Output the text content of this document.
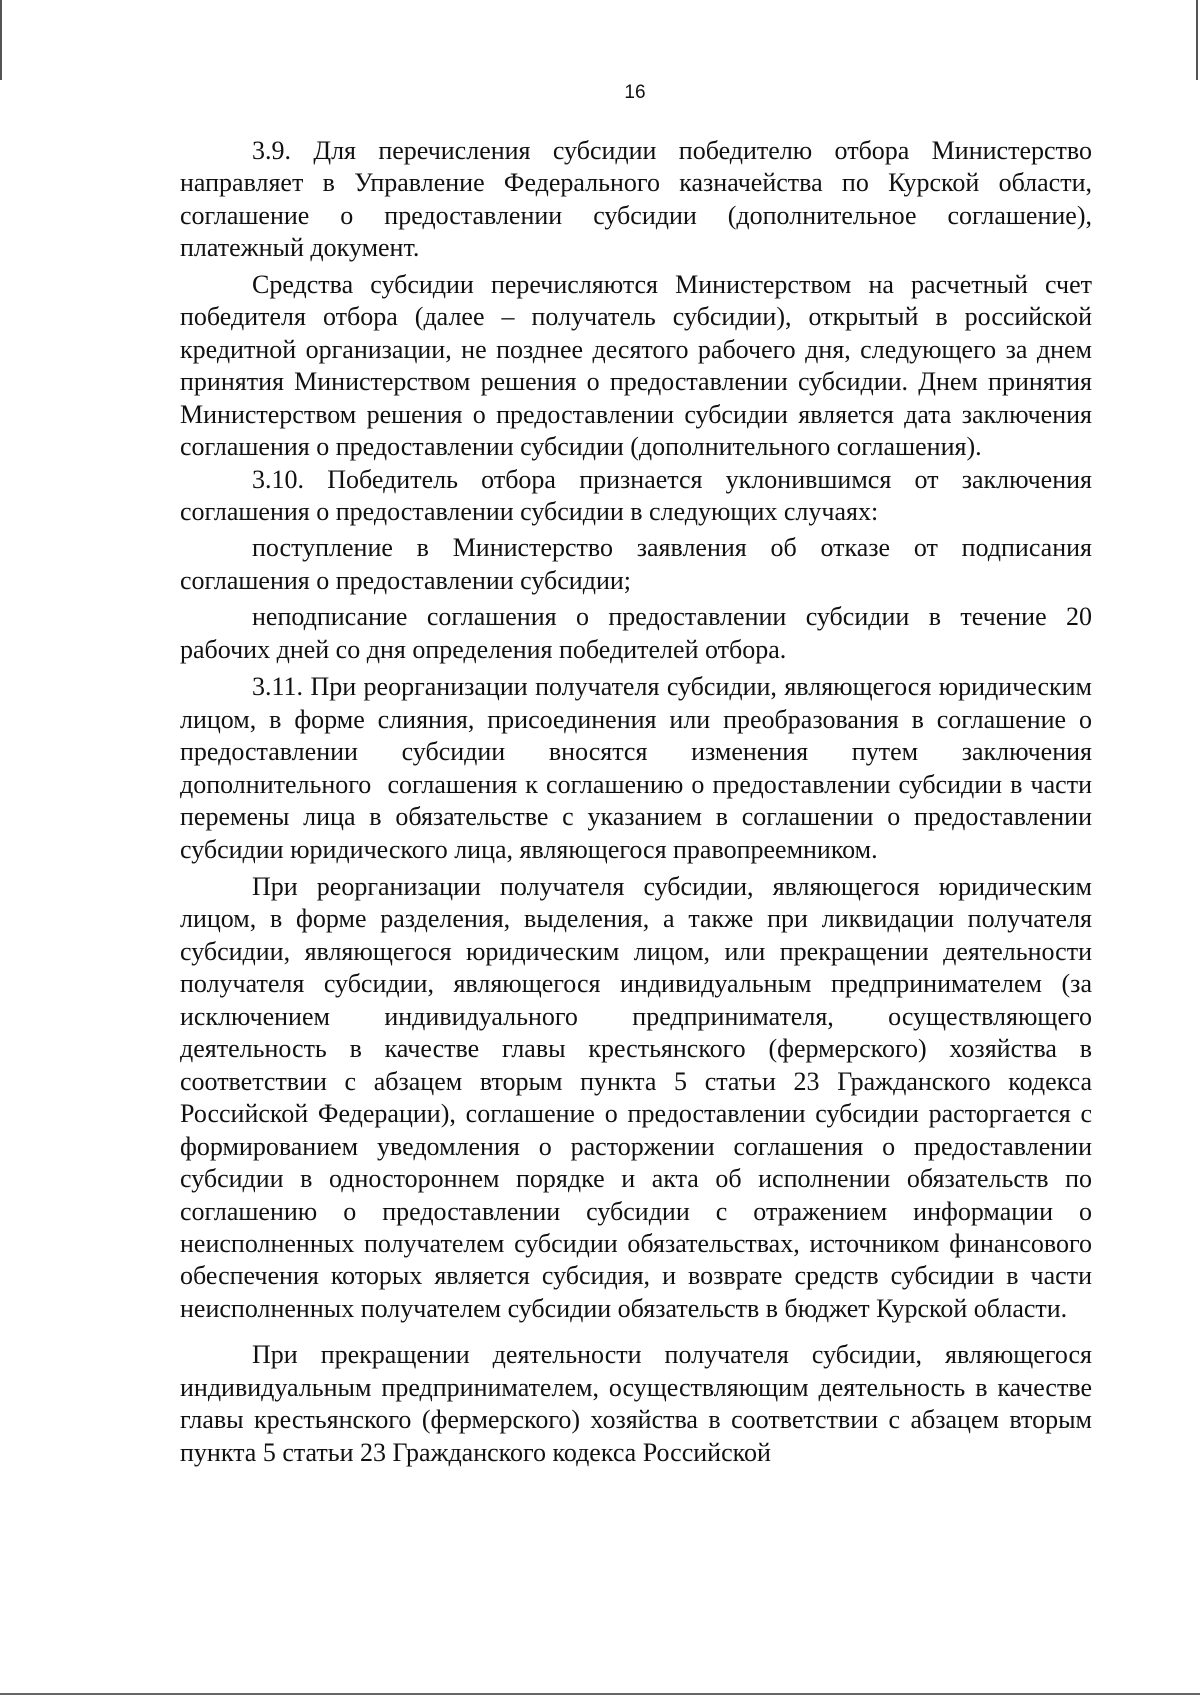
16

3.9. Для перечисления субсидии победителю отбора Министерство направляет в Управление Федерального казначейства по Курской области, соглашение о предоставлении субсидии (дополнительное соглашение), платежный документ.

Средства субсидии перечисляются Министерством на расчетный счет победителя отбора (далее – получатель субсидии), открытый в российской кредитной организации, не позднее десятого рабочего дня, следующего за днем принятия Министерством решения о предоставлении субсидии. Днем принятия Министерством решения о предоставлении субсидии является дата заключения соглашения о предоставлении субсидии (дополнительного соглашения).

3.10. Победитель отбора признается уклонившимся от заключения соглашения о предоставлении субсидии в следующих случаях:

поступление в Министерство заявления об отказе от подписания соглашения о предоставлении субсидии;

неподписание соглашения о предоставлении субсидии в течение 20 рабочих дней со дня определения победителей отбора.

3.11. При реорганизации получателя субсидии, являющегося юридическим лицом, в форме слияния, присоединения или преобразования в соглашение о предоставлении субсидии вносятся изменения путем заключения дополнительного  соглашения к соглашению о предоставлении субсидии в части перемены лица в обязательстве с указанием в соглашении о предоставлении субсидии юридического лица, являющегося правопреемником.

При реорганизации получателя субсидии, являющегося юридическим лицом, в форме разделения, выделения, а также при ликвидации получателя субсидии, являющегося юридическим лицом, или прекращении деятельности получателя субсидии, являющегося индивидуальным предпринимателем (за исключением индивидуального предпринимателя, осуществляющего деятельность в качестве главы крестьянского (фермерского) хозяйства в соответствии с абзацем вторым пункта 5 статьи 23 Гражданского кодекса Российской Федерации), соглашение о предоставлении субсидии расторгается с формированием уведомления о расторжении соглашения о предоставлении субсидии в одностороннем порядке и акта об исполнении обязательств по соглашению о предоставлении субсидии с отражением информации о неисполненных получателем субсидии обязательствах, источником финансового обеспечения которых является субсидия, и возврате средств субсидии в части неисполненных получателем субсидии обязательств в бюджет Курской области.

При прекращении деятельности получателя субсидии, являющегося индивидуальным предпринимателем, осуществляющим деятельность в качестве главы крестьянского (фермерского) хозяйства в соответствии с абзацем вторым пункта 5 статьи 23 Гражданского кодекса Российской
